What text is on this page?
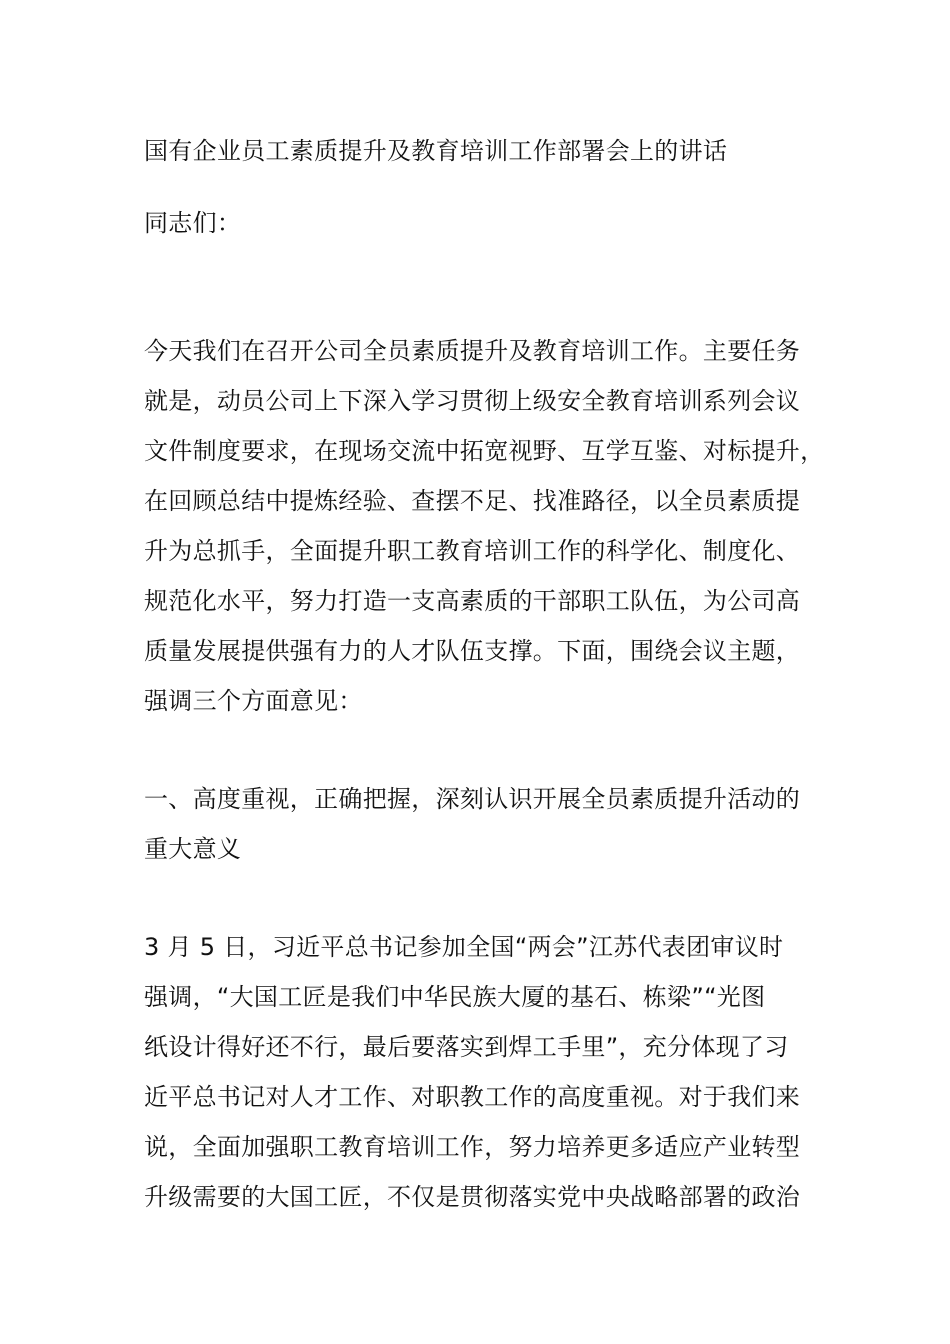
国有企业员工素质提升及教育培训工作部署会上的讲话
同志们：
今天我们在召开公司全员素质提升及教育培训工作。主要任务
就是，动员公司上下深入学习贯彻上级安全教育培训系列会议
文件制度要求，在现场交流中拓宽视野、互学互鉴、对标提升，
在回顾总结中提炼经验、查摆不足、找准路径，以全员素质提
升为总抓手，全面提升职工教育培训工作的科学化、制度化、
规范化水平，努力打造一支高素质的干部职工队伍，为公司高
质量发展提供强有力的人才队伍支撑。下面，围绕会议主题，
强调三个方面意见：
一、高度重视，正确把握，深刻认识开展全员素质提升活动的
重大意义
3 月 5 日，习近平总书记参加全国“两会”江苏代表团审议时
强调，“大国工匠是我们中华民族大厦的基石、栋梁”“光图
纸设计得好还不行，最后要落实到焊工手里”，充分体现了习
近平总书记对人才工作、对职教工作的高度重视。对于我们来
说，全面加强职工教育培训工作，努力培养更多适应产业转型
升级需要的大国工匠，不仅是贯彻落实党中央战略部署的政治
